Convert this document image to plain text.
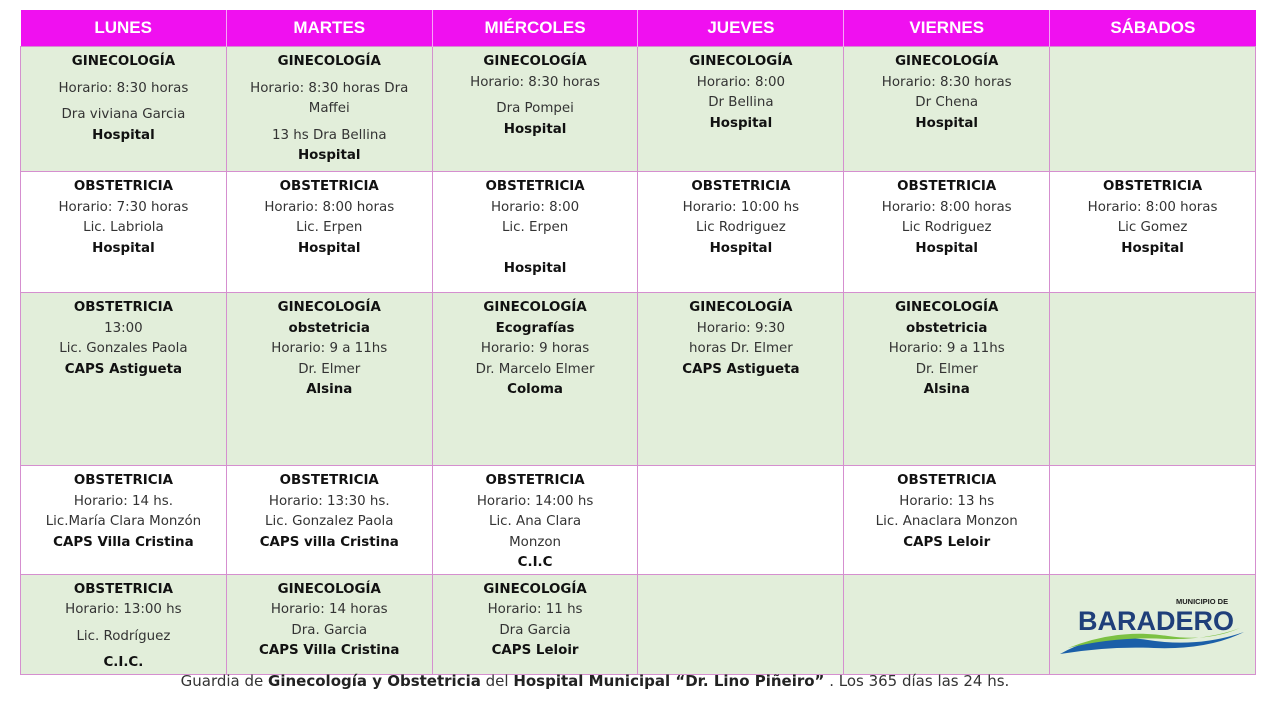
LUNES	MARTES	MIÉRCOLES	JUEVES	VIERNES	SÁBADOS

GINECOLOGÍA
Horario: 8:30 horas
Dra viviana Garcia
Hospital	GINECOLOGÍA
Horario: 8:30 horas Dra
Maffei
13 hs Dra Bellina
Hospital	GINECOLOGÍA
Horario: 8:30 horas
Dra Pompei
Hospital	GINECOLOGÍA
Horario: 8:00
Dr Bellina
Hospital	GINECOLOGÍA
Horario: 8:30 horas
Dr Chena
Hospital	

OBSTETRICIA
Horario: 7:30 horas
Lic. Labriola
Hospital	OBSTETRICIA
Horario: 8:00 horas
Lic. Erpen
Hospital	OBSTETRICIA
Horario: 8:00
Lic. Erpen
Hospital	OBSTETRICIA
Horario: 10:00 hs
Lic Rodriguez
Hospital	OBSTETRICIA
Horario: 8:00 horas
Lic Rodriguez
Hospital	OBSTETRICIA
Horario: 8:00 horas
Lic Gomez
Hospital

OBSTETRICIA
13:00
Lic. Gonzales Paola
CAPS Astigueta	GINECOLOGÍA
obstetricia
Horario: 9 a 11hs
Dr. Elmer
Alsina	GINECOLOGÍA
Ecografías
Horario: 9 horas
Dr. Marcelo Elmer
Coloma	GINECOLOGÍA
Horario: 9:30
horas Dr. Elmer
CAPS Astigueta	GINECOLOGÍA
obstetricia
Horario: 9 a 11hs
Dr. Elmer
Alsina	

OBSTETRICIA
Horario: 14 hs.
Lic.María Clara Monzón
CAPS Villa Cristina	OBSTETRICIA
Horario: 13:30 hs.
Lic. Gonzalez Paola
CAPS villa Cristina	OBSTETRICIA
Horario: 14:00 hs
Lic. Ana Clara
Monzon
C.I.C		OBSTETRICIA
Horario: 13 hs
Lic. Anaclara Monzon
CAPS Leloir	

OBSTETRICIA
Horario: 13:00 hs
Lic. Rodríguez
C.I.C.	GINECOLOGÍA
Horario: 14 horas
Dra. Garcia
CAPS Villa Cristina	GINECOLOGÍA
Horario: 11 hs
Dra Garcia
CAPS Leloir			MUNICIPIO DE
BARADERO
Guardia de Ginecología y Obstetricia del Hospital Municipal “Dr. Lino Piñeiro” . Los 365 días las 24 hs.
